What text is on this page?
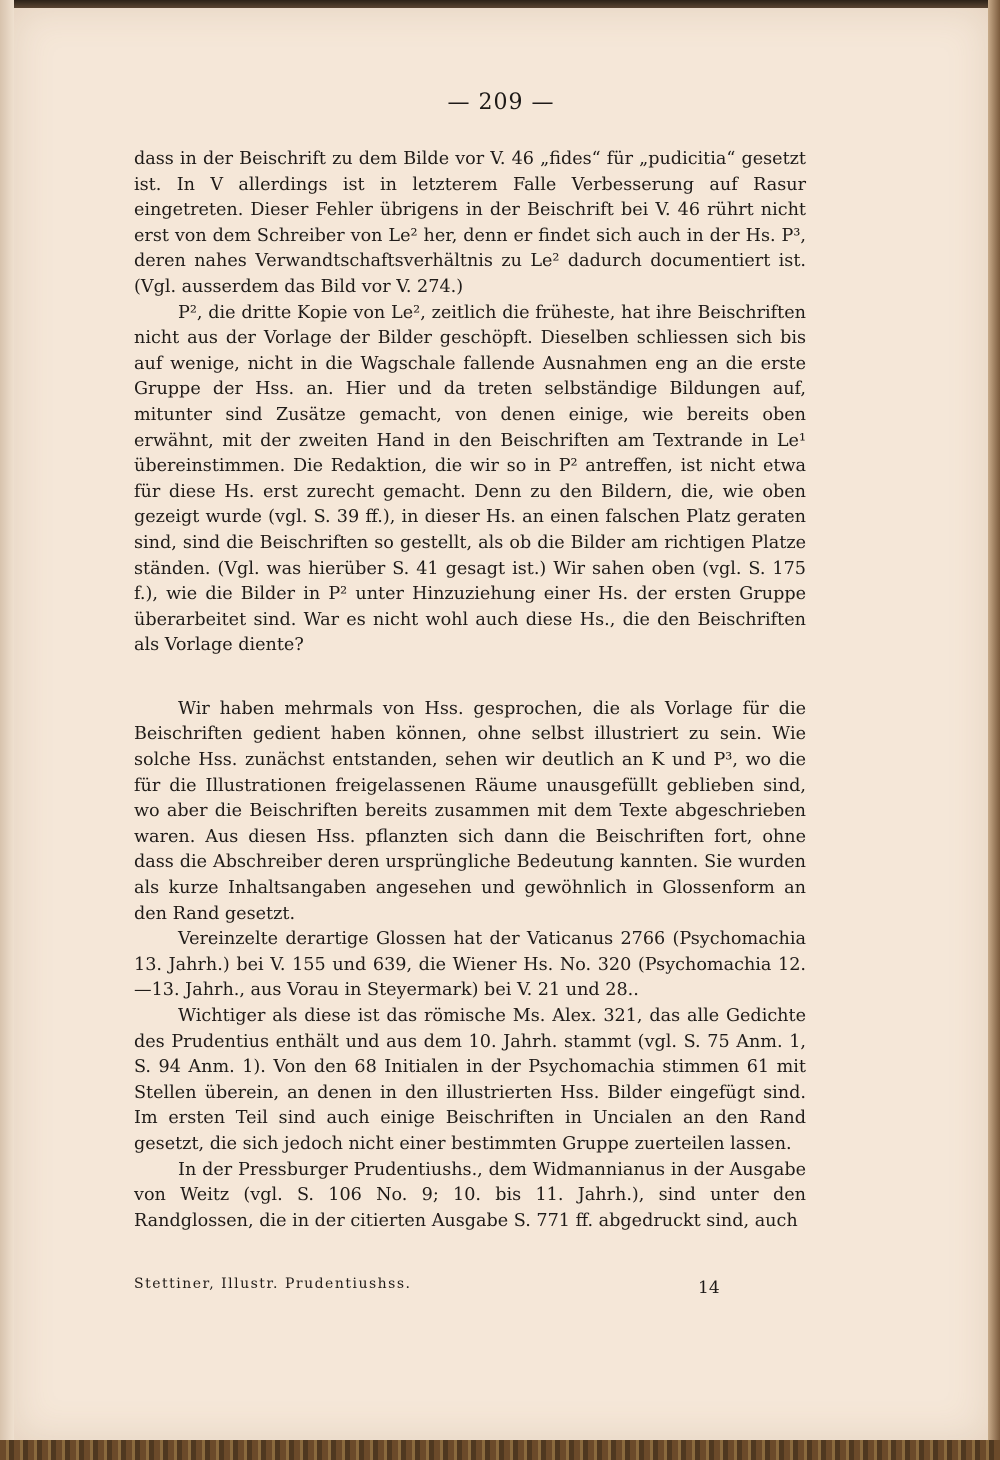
— 209 —

dass in der Beischrift zu dem Bilde vor V. 46 „fides“ für „pudicitia“ gesetzt ist. In V allerdings ist in letzterem Falle Verbesserung auf Rasur eingetreten. Dieser Fehler übrigens in der Beischrift bei V. 46 rührt nicht erst von dem Schreiber von Le² her, denn er findet sich auch in der Hs. P³, deren nahes Verwandtschaftsverhältnis zu Le² dadurch documentiert ist. (Vgl. ausserdem das Bild vor V. 274.)

P², die dritte Kopie von Le², zeitlich die früheste, hat ihre Beischriften nicht aus der Vorlage der Bilder geschöpft. Dieselben schliessen sich bis auf wenige, nicht in die Wagschale fallende Ausnahmen eng an die erste Gruppe der Hss. an. Hier und da treten selbständige Bildungen auf, mitunter sind Zusätze gemacht, von denen einige, wie bereits oben erwähnt, mit der zweiten Hand in den Beischriften am Textrande in Le¹ übereinstimmen. Die Redaktion, die wir so in P² antreffen, ist nicht etwa für diese Hs. erst zurecht gemacht. Denn zu den Bildern, die, wie oben gezeigt wurde (vgl. S. 39 ff.), in dieser Hs. an einen falschen Platz geraten sind, sind die Beischriften so gestellt, als ob die Bilder am richtigen Platze ständen. (Vgl. was hierüber S. 41 gesagt ist.) Wir sahen oben (vgl. S. 175 f.), wie die Bilder in P² unter Hinzuziehung einer Hs. der ersten Gruppe überarbeitet sind. War es nicht wohl auch diese Hs., die den Beischriften als Vorlage diente?

Wir haben mehrmals von Hss. gesprochen, die als Vorlage für die Beischriften gedient haben können, ohne selbst illustriert zu sein. Wie solche Hss. zunächst entstanden, sehen wir deutlich an K und P³, wo die für die Illustrationen freigelassenen Räume unausgefüllt geblieben sind, wo aber die Beischriften bereits zusammen mit dem Texte abgeschrieben waren. Aus diesen Hss. pflanzten sich dann die Beischriften fort, ohne dass die Abschreiber deren ursprüngliche Bedeutung kannten. Sie wurden als kurze Inhaltsangaben angesehen und gewöhnlich in Glossenform an den Rand gesetzt.

Vereinzelte derartige Glossen hat der Vaticanus 2766 (Psychomachia 13. Jahrh.) bei V. 155 und 639, die Wiener Hs. No. 320 (Psychomachia 12.—13. Jahrh., aus Vorau in Steyermark) bei V. 21 und 28..

Wichtiger als diese ist das römische Ms. Alex. 321, das alle Gedichte des Prudentius enthält und aus dem 10. Jahrh. stammt (vgl. S. 75 Anm. 1, S. 94 Anm. 1). Von den 68 Initialen in der Psychomachia stimmen 61 mit Stellen überein, an denen in den illustrierten Hss. Bilder eingefügt sind. Im ersten Teil sind auch einige Beischriften in Uncialen an den Rand gesetzt, die sich jedoch nicht einer bestimmten Gruppe zuerteilen lassen.

In der Pressburger Prudentiushs., dem Widmannianus in der Ausgabe von Weitz (vgl. S. 106 No. 9; 10. bis 11. Jahrh.), sind unter den Randglossen, die in der citierten Ausgabe S. 771 ff. abgedruckt sind, auch

Stettiner, Illustr. Prudentiushss.	14
